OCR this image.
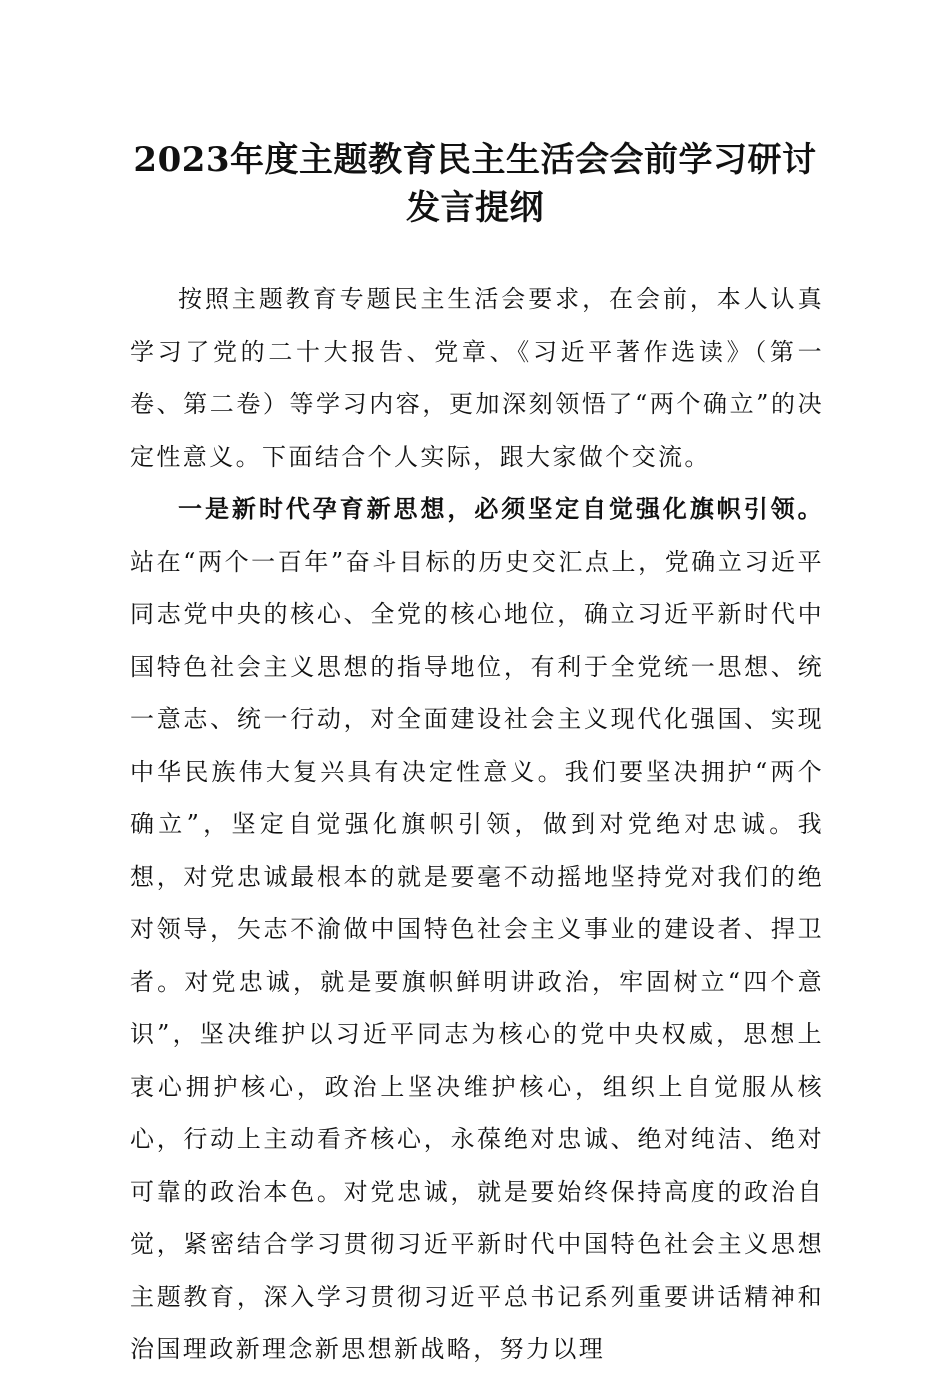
2023年度主题教育民主生活会会前学习研讨
发言提纲

按照主题教育专题民主生活会要求，在会前，本人认真学习了党的二十大报告、党章、《习近平著作选读》（第一卷、第二卷）等学习内容，更加深刻领悟了“两个确立”的决定性意义。下面结合个人实际，跟大家做个交流。

一是新时代孕育新思想，必须坚定自觉强化旗帜引领。站在“两个一百年”奋斗目标的历史交汇点上，党确立习近平同志党中央的核心、全党的核心地位，确立习近平新时代中国特色社会主义思想的指导地位，有利于全党统一思想、统一意志、统一行动，对全面建设社会主义现代化强国、实现中华民族伟大复兴具有决定性意义。我们要坚决拥护“两个确立”，坚定自觉强化旗帜引领，做到对党绝对忠诚。我想，对党忠诚最根本的就是要毫不动摇地坚持党对我们的绝对领导，矢志不渝做中国特色社会主义事业的建设者、捍卫者。对党忠诚，就是要旗帜鲜明讲政治，牢固树立“四个意识”，坚决维护以习近平同志为核心的党中央权威，思想上衷心拥护核心，政治上坚决维护核心，组织上自觉服从核心，行动上主动看齐核心，永葆绝对忠诚、绝对纯洁、绝对可靠的政治本色。对党忠诚，就是要始终保持高度的政治自觉，紧密结合学习贯彻习近平新时代中国特色社会主义思想主题教育，深入学习贯彻习近平总书记系列重要讲话精神和治国理政新理念新思想新战略，努力以理
